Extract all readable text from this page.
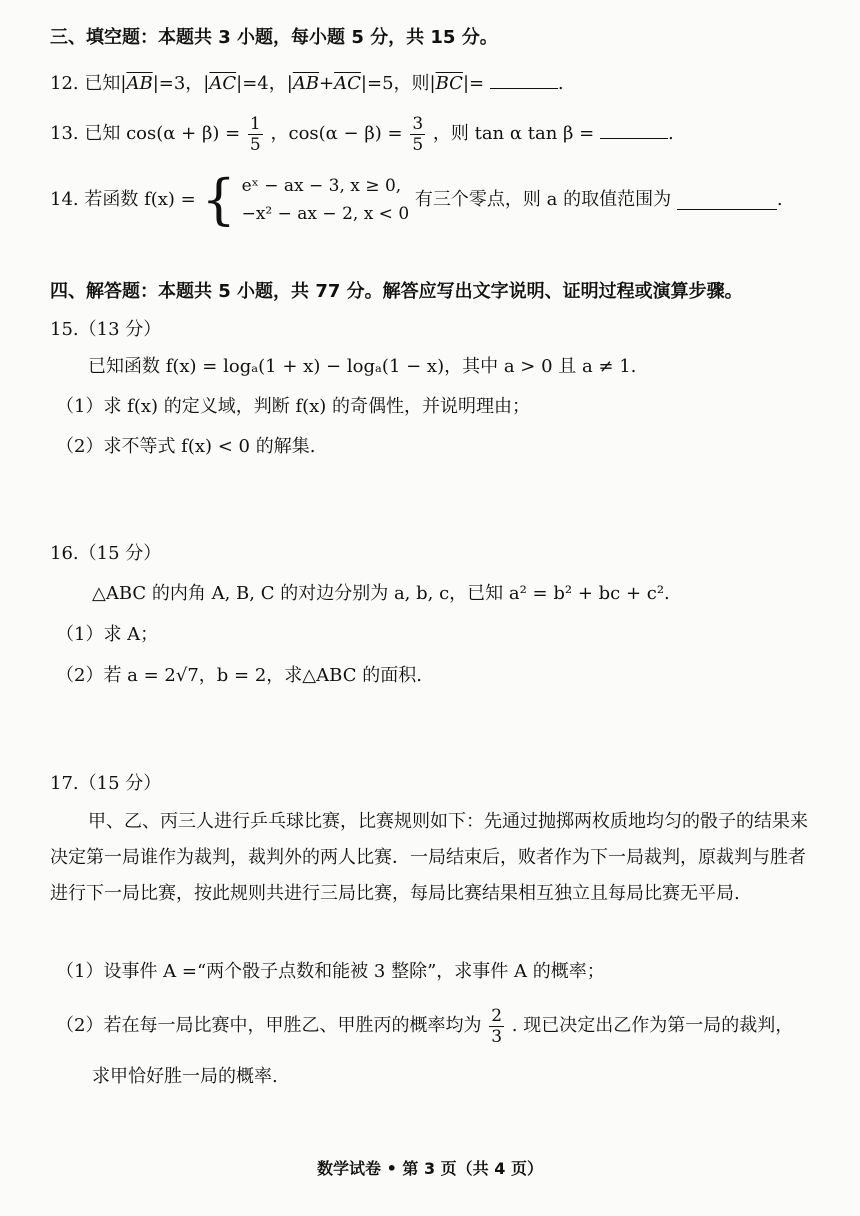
三、填空题：本题共 3 小题，每小题 5 分，共 15 分。
12. 已知$|\overline{AB}|=3$，$|\overline{AC}|=4$，$|\overline{AB}+\overline{AC}|=5$，则$|\overline{BC}|=$	.
13. 已知 $\cos(\alpha + \beta) = \frac{1}{5}$ ，$\cos(\alpha - \beta) = \frac{3}{5}$ ，则 tan α tan β =	.
14. 若函数 f(x) = { eˣ − ax − 3, x ≥ 0,
−x² − ax − 2, x < 0
有三个零点，则 a 的取值范围为	.
四、解答题：本题共 5 小题，共 77 分。解答应写出文字说明、证明过程或演算步骤。
15.（13 分）
已知函数 f(x) = logₐ(1 + x) − logₐ(1 − x)，其中 a > 0 且 a ≠ 1.
（1）求 f(x) 的定义域，判断 f(x) 的奇偶性，并说明理由；
（2）求不等式 f(x) < 0 的解集.
16.（15 分）
△ABC 的内角 A, B, C 的对边分别为 a, b, c，已知 a² = b² + bc + c².
（1）求 A；
（2）若 a = 2√7，b = 2，求△ABC 的面积.
17.（15 分）
甲、乙、丙三人进行乒乓球比赛，比赛规则如下：先通过抛掷两枚质地均匀的骰子的结果来决定第一局谁作为裁判，裁判外的两人比赛．一局结束后，败者作为下一局裁判，原裁判与胜者进行下一局比赛，按此规则共进行三局比赛，每局比赛结果相互独立且每局比赛无平局.
（1）设事件 A =“两个骰子点数和能被 3 整除”，求事件 A 的概率；
（2）若在每一局比赛中，甲胜乙、甲胜丙的概率均为 $\frac{2}{3}$ . 现已决定出乙作为第一局的裁判，
求甲恰好胜一局的概率.
数学试卷 • 第 3 页（共 4 页）
